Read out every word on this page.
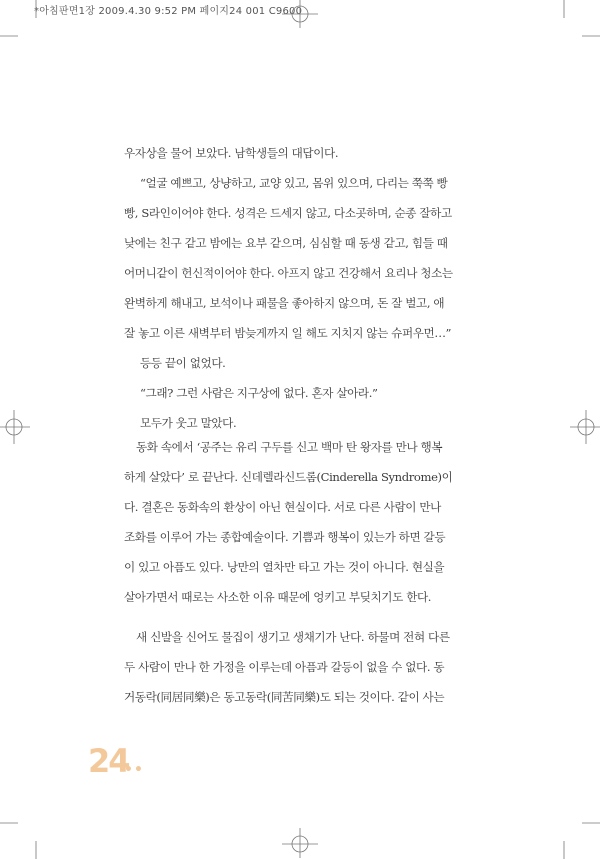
*아침판면1장 2009.4.30 9:52 PM 페이지24 001 C9600
우자상을 물어 보았다. 남학생들의 대답이다.
“얼굴 예쁘고, 상냥하고, 교양 있고, 몸위 있으며, 다리는 쭉쭉 빵
빵, S라인이어야 한다. 성격은 드세지 않고, 다소곳하며, 순종 잘하고
낮에는 친구 같고 밤에는 요부 같으며, 심심할 때 동생 같고, 힘들 때
어머니같이 헌신적이어야 한다. 아프지 않고 건강해서 요리나 청소는
완벽하게 해내고, 보석이나 패물을 좋아하지 않으며, 돈 잘 벌고, 애
잘 놓고 이른 새벽부터 밤늦게까지 일 해도 지치지 않는 슈퍼우먼…”
등등 끝이 없었다.
“그래? 그런 사람은 지구상에 없다. 혼자 살아라.”
모두가 웃고 말았다.
동화 속에서 ‘공주는 유리 구두를 신고 백마 탄 왕자를 만나 행복
하게 살았다’ 로 끝난다. 신데렐라신드롬(Cinderella Syndrome)이
다. 결혼은 동화속의 환상이 아닌 현실이다. 서로 다른 사람이 만나
조화를 이루어 가는 종합예술이다. 기쁨과 행복이 있는가 하면 갈등
이 있고 아픔도 있다. 낭만의 열차만 타고 가는 것이 아니다. 현실을
살아가면서 때로는 사소한 이유 때문에 엉키고 부딪치기도 한다.
새 신발을 신어도 물집이 생기고 생채기가 난다. 하물며 전혀 다른
두 사람이 만나 한 가정을 이루는데 아픔과 갈등이 없을 수 없다. 동
거동락(同居同樂)은 동고동락(同苦同樂)도 되는 것이다. 같이 사는
24
••
